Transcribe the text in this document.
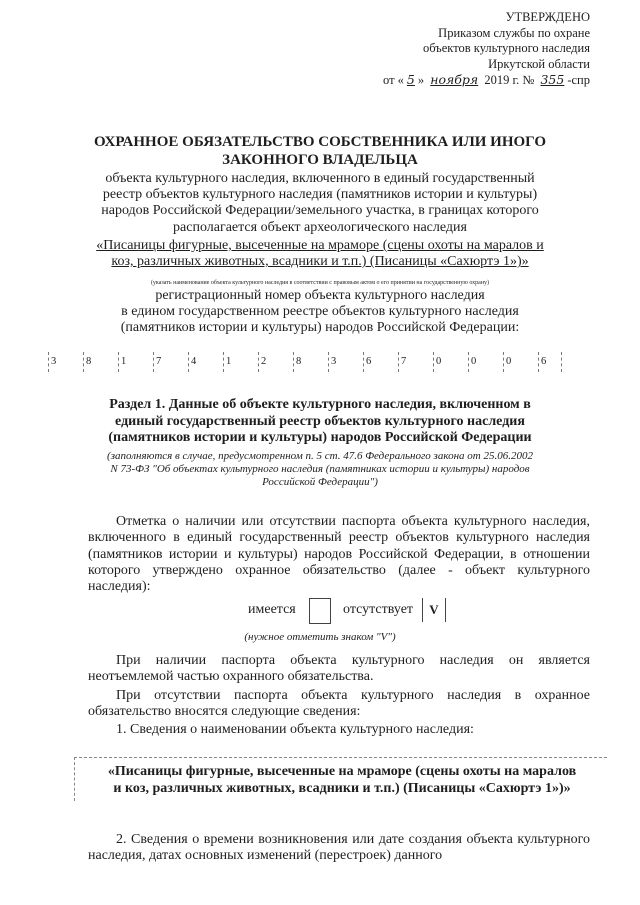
УТВЕРЖДЕНО
Приказом службы по охране
объектов культурного наследия
Иркутской области
от « 5 » ноября 2019 г. № 355 -спр
ОХРАННОЕ ОБЯЗАТЕЛЬСТВО СОБСТВЕННИКА ИЛИ ИНОГО
ЗАКОННОГО ВЛАДЕЛЬЦА
объекта культурного наследия, включенного в единый государственный
реестр объектов культурного наследия (памятников истории и культуры)
народов Российской Федерации/земельного участка, в границах которого
располагается объект археологического наследия
«Писаницы фигурные, высеченные на мраморе (сцены охоты на маралов и
коз, различных животных, всадники и т.п.) (Писаницы «Сахюртэ 1»)»
(указать наименование объекта культурного наследия в соответствии с правовым актом о его принятии на государственную охрану)
регистрационный номер объекта культурного наследия
в едином государственном реестре объектов культурного наследия
(памятников истории и культуры) народов Российской Федерации:
3	8	1	7	4	1	2	8	3	6	7	0	0	0	6
Раздел 1. Данные об объекте культурного наследия, включенном в
единый государственный реестр объектов культурного наследия
(памятников истории и культуры) народов Российской Федерации
(заполняются в случае, предусмотренном п. 5 ст. 47.6 Федерального закона от 25.06.2002
N 73-ФЗ "Об объектах культурного наследия (памятниках истории и культуры) народов
Российской Федерации")
Отметка о наличии или отсутствии паспорта объекта культурного наследия, включенного в единый государственный реестр объектов культурного наследия (памятников истории и культуры) народов Российской Федерации, в отношении которого утверждено охранное обязательство (далее - объект культурного наследия):
имеется	отсутствует	V
(нужное отметить знаком "V")
При наличии паспорта объекта культурного наследия он является неотъемлемой частью охранного обязательства.
При отсутствии паспорта объекта культурного наследия в охранное обязательство вносятся следующие сведения:
1. Сведения о наименовании объекта культурного наследия:
«Писаницы фигурные, высеченные на мраморе (сцены охоты на маралов
и коз, различных животных, всадники и т.п.) (Писаницы «Сахюртэ 1»)»
2. Сведения о времени возникновения или дате создания объекта культурного наследия, датах основных изменений (перестроек) данного
